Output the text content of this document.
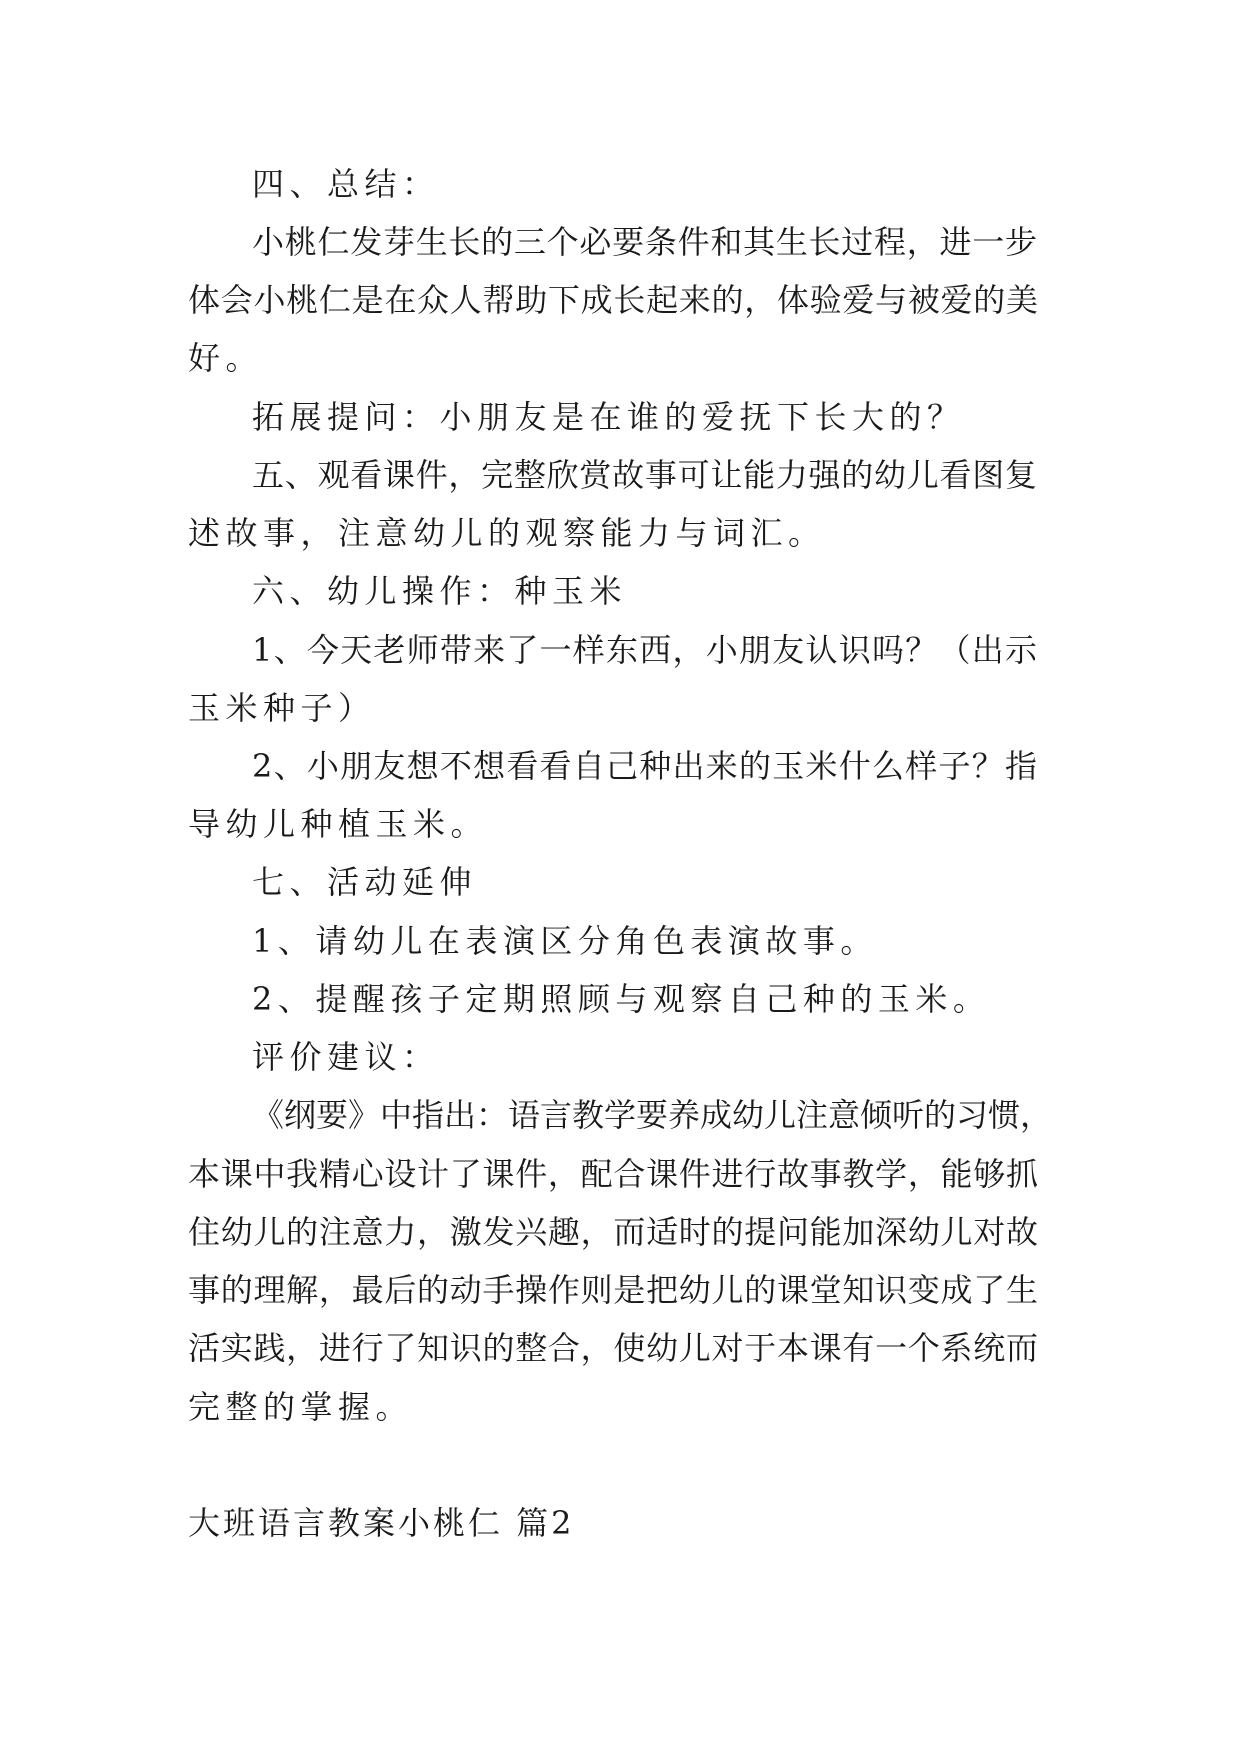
四、总结：

小桃仁发芽生长的三个必要条件和其生长过程，进一步

体会小桃仁是在众人帮助下成长起来的，体验爱与被爱的美

好。

拓展提问：小朋友是在谁的爱抚下长大的？

五、观看课件，完整欣赏故事可让能力强的幼儿看图复

述故事，注意幼儿的观察能力与词汇。

六、幼儿操作：种玉米

1、今天老师带来了一样东西，小朋友认识吗？（出示

玉米种子）

2、小朋友想不想看看自己种出来的玉米什么样子？指

导幼儿种植玉米。

七、活动延伸

1、请幼儿在表演区分角色表演故事。

2、提醒孩子定期照顾与观察自己种的玉米。

评价建议：

《纲要》中指出：语言教学要养成幼儿注意倾听的习惯，

本课中我精心设计了课件，配合课件进行故事教学，能够抓

住幼儿的注意力，激发兴趣，而适时的提问能加深幼儿对故

事的理解，最后的动手操作则是把幼儿的课堂知识变成了生

活实践，进行了知识的整合，使幼儿对于本课有一个系统而

完整的掌握。

大班语言教案小桃仁 篇2
